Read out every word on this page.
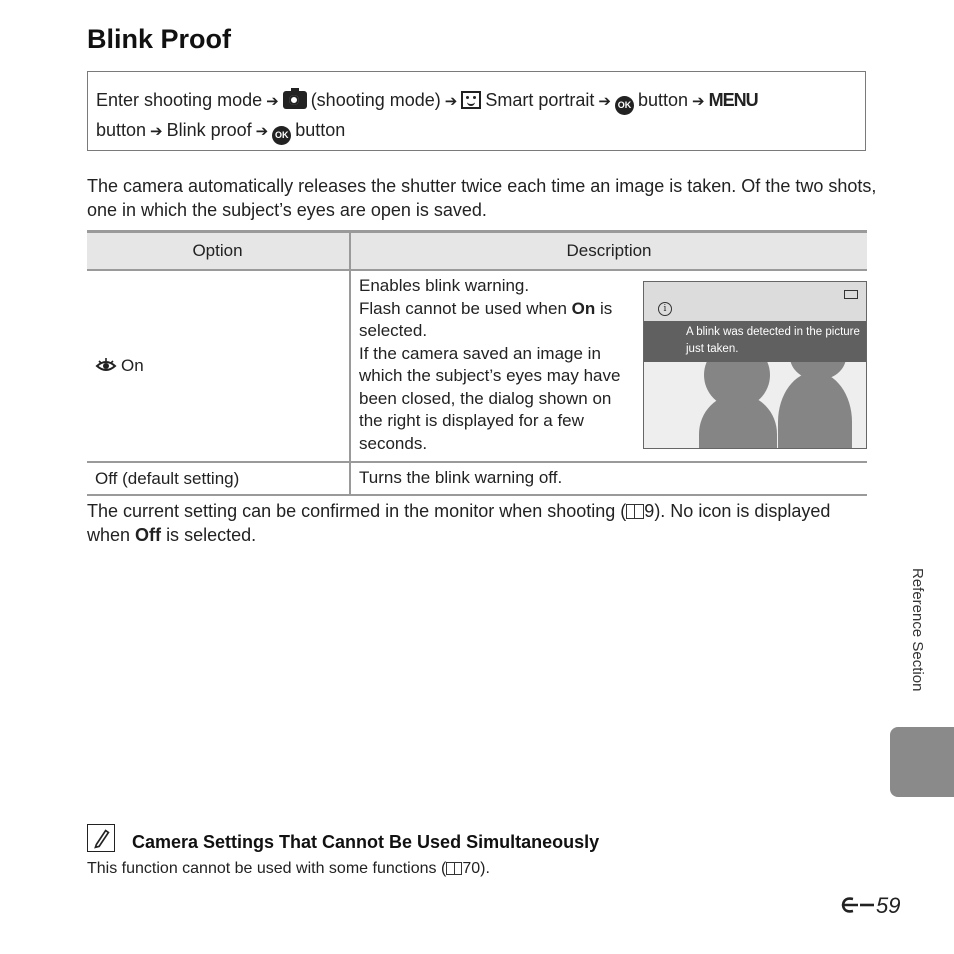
Blink Proof
Enter shooting mode ➔ (shooting mode) ➔ Smart portrait ➔ OK button ➔ MENU
button ➔ Blink proof ➔ OK button

The camera automatically releases the shutter twice each time an image is taken. Of the two shots, one in which the subject’s eyes are open is saved.

Option	Description
On	Enables blink warning.
Flash cannot be used when On is selected.
If the camera saved an image in which the subject’s eyes may have been closed, the dialog shown on the right is displayed for a few seconds.
i
A blink was detected in the picture just taken.

Off (default setting)	Turns the blink warning off.

The current setting can be confirmed in the monitor when shooting ( 9). No icon is displayed when Off is selected.

Reference Section

Camera Settings That Cannot Be Used Simultaneously

This function cannot be used with some functions ( 70).

59
